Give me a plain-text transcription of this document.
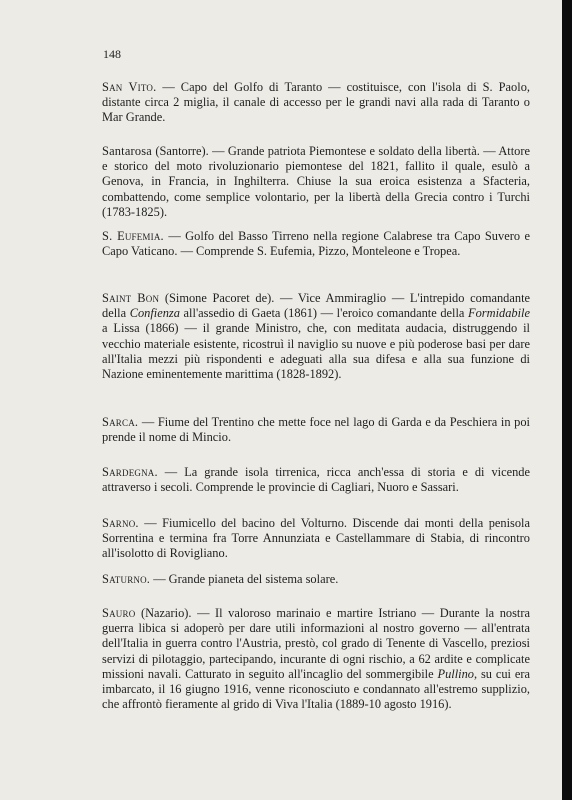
148
San Vito. — Capo del Golfo di Taranto — costituisce, con l'isola di S. Paolo, distante circa 2 miglia, il canale di accesso per le grandi navi alla rada di Taranto o Mar Grande.
Santarosa (Santorre). — Grande patriota Piemontese e soldato della libertà. — Attore e storico del moto rivoluzionario piemontese del 1821, fallito il quale, esulò a Genova, in Francia, in Inghilterra. Chiuse la sua eroica esistenza a Sfacteria, combattendo, come semplice volontario, per la libertà della Grecia contro i Turchi (1783-1825).
S. Eufemia. — Golfo del Basso Tirreno nella regione Calabrese tra Capo Suvero e Capo Vaticano. — Comprende S. Eufemia, Pizzo, Monteleone e Tropea.
Saint Bon (Simone Pacoret de). — Vice Ammiraglio — L'intrepido comandante della Confienza all'assedio di Gaeta (1861) — l'eroico comandante della Formidabile a Lissa (1866) — il grande Ministro, che, con meditata audacia, distruggendo il vecchio materiale esistente, ricostruì il naviglio su nuove e più poderose basi per dare all'Italia mezzi più rispondenti e adeguati alla sua difesa e alla sua funzione di Nazione eminentemente marittima (1828-1892).
Sarca. — Fiume del Trentino che mette foce nel lago di Garda e da Peschiera in poi prende il nome di Mincio.
Sardegna. — La grande isola tirrenica, ricca anch'essa di storia e di vicende attraverso i secoli. Comprende le provincie di Cagliari, Nuoro e Sassari.
Sarno. — Fiumicello del bacino del Volturno. Discende dai monti della penisola Sorrentina e termina fra Torre Annunziata e Castellammare di Stabia, di rincontro all'isolotto di Rovigliano.
Saturno. — Grande pianeta del sistema solare.
Sauro (Nazario). — Il valoroso marinaio e martire Istriano — Durante la nostra guerra libica si adoperò per dare utili informazioni al nostro governo — all'entrata dell'Italia in guerra contro l'Austria, prestò, col grado di Tenente di Vascello, preziosi servizi di pilotaggio, partecipando, incurante di ogni rischio, a 62 ardite e complicate missioni navali. Catturato in seguito all'incaglio del sommergibile Pullino, su cui era imbarcato, il 16 giugno 1916, venne riconosciuto e condannato all'estremo supplizio, che affrontò fieramente al grido di Viva l'Italia (1889-10 agosto 1916).
